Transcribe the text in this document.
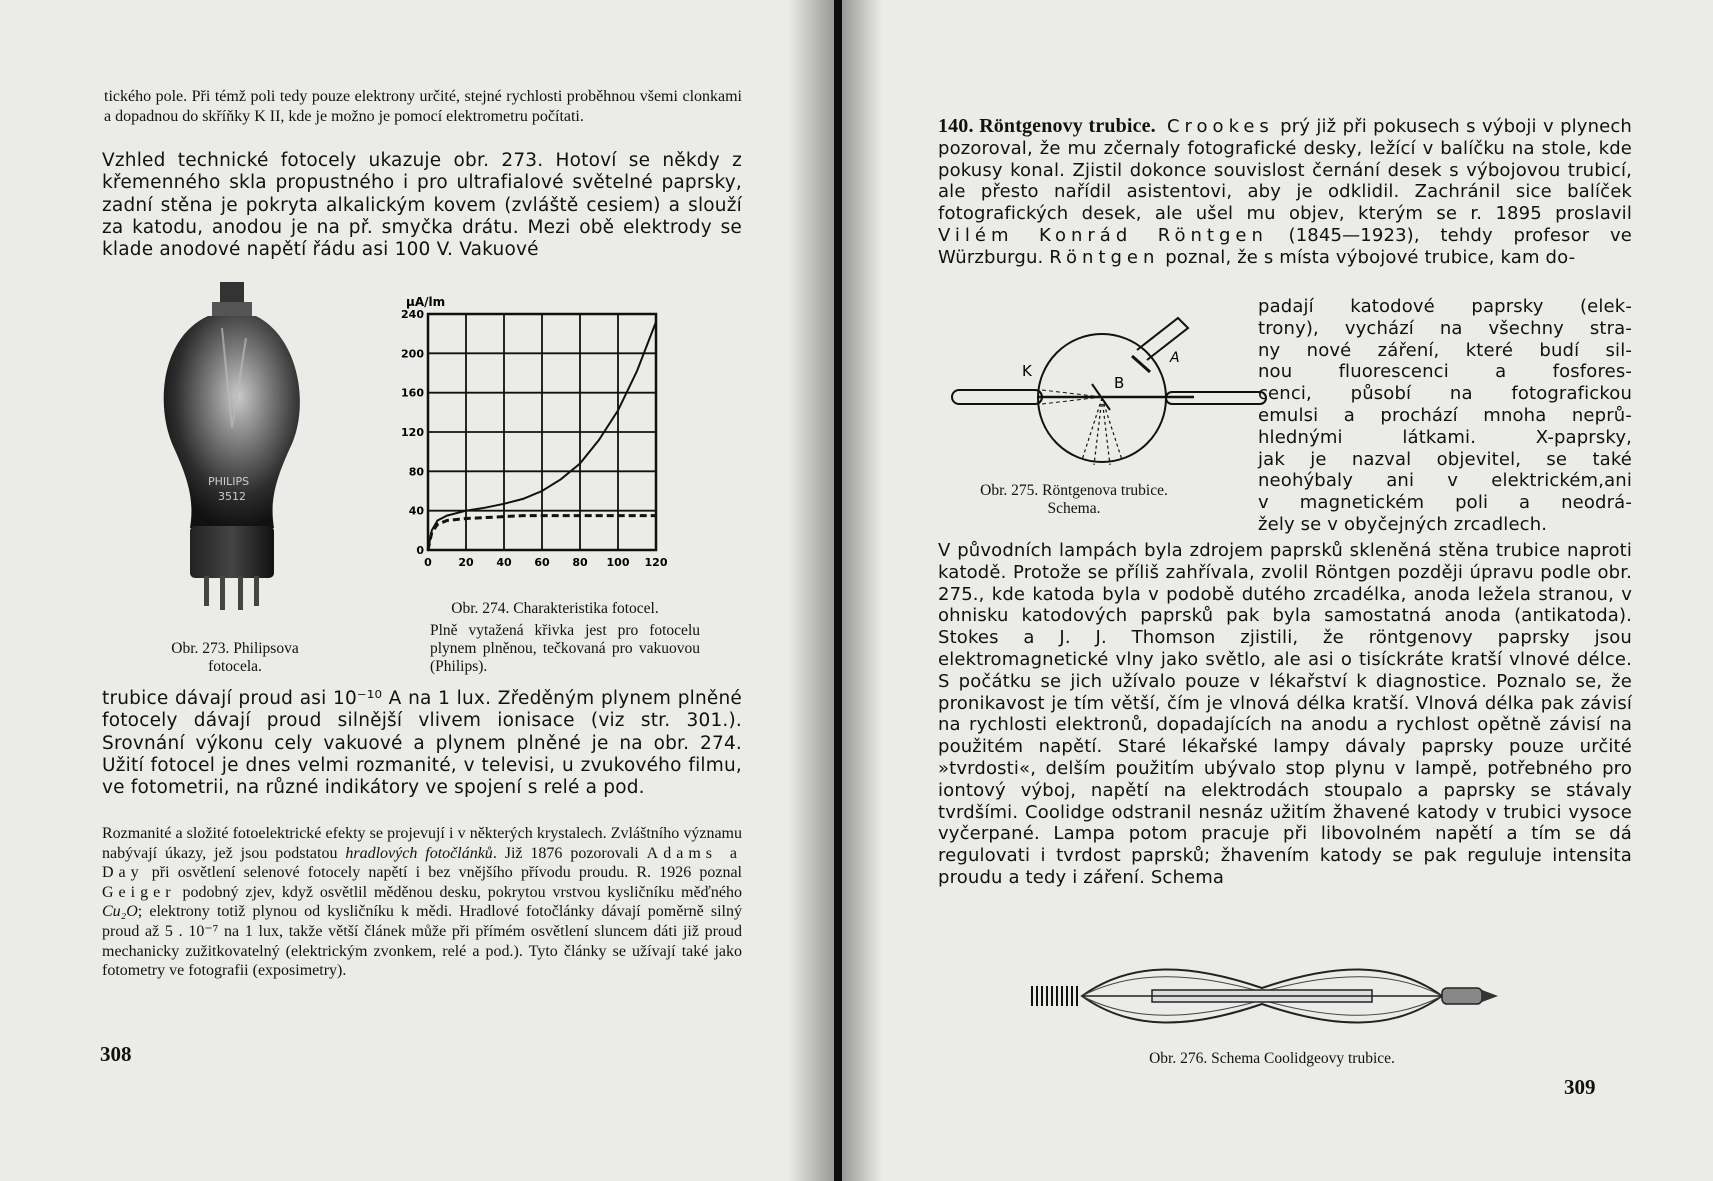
tického pole. Při témž poli tedy pouze elektrony určité, stejné rychlosti proběhnou všemi clonkami a dopadnou do skříňky K II, kde je možno je pomocí elektrometru počítati.
Vzhled technické fotocely ukazuje obr. 273. Hotoví se někdy z křemenného skla propustného i pro ultrafialové světelné paprsky, zadní stěna je pokryta alkalickým kovem (zvláště cesiem) a slouží za katodu, anodou je na př. smyčka drátu. Mezi obě elektrody se klade anodové napětí řádu asi 100 V. Vakuové
PHILIPS
3512
Obr. 273. Philipsova
fotocela.
µA/lm
0
40
80
120
160
200
240
0 20 40 60 80 100 120
Obr. 274. Charakteristika fotocel.
Plně vytažená křivka jest pro fotocelu plynem plněnou, tečkovaná pro vakuovou (Philips).
trubice dávají proud asi 10⁻¹⁰ A na 1 lux. Zředěným plynem plněné fotocely dávají proud silnější vlivem ionisace (viz str. 301.). Srovnání výkonu cely vakuové a plynem plněné je na obr. 274. Užití fotocel je dnes velmi rozmanité, v televisi, u zvukového filmu, ve fotometrii, na různé indikátory ve spojení s relé a pod.
Rozmanité a složité fotoelektrické efekty se projevují i v některých krystalech. Zvláštního významu nabývají úkazy, jež jsou podstatou hradlových fotočlánků. Již 1876 pozorovali Adams a Day při osvětlení selenové fotocely napětí i bez vnějšího přívodu proudu. R. 1926 poznal Geiger podobný zjev, když osvětlil měděnou desku, pokrytou vrstvou kysličníku měďného Cu₂O; elektrony totiž plynou od kysličníku k mědi. Hradlové fotočlánky dávají poměrně silný proud až 5 . 10⁻⁷ na 1 lux, takže větší článek může při přímém osvětlení sluncem dáti již proud mechanicky zužitkovatelný (elektrickým zvonkem, relé a pod.). Tyto články se užívají také jako fotometry ve fotografii (exposimetry).
308
140. Röntgenovy trubice. Crookes prý již při pokusech s výboji v plynech pozoroval, že mu zčernaly fotografické desky, ležící v balíčku na stole, kde pokusy konal. Zjistil dokonce souvislost černání desek s výbojovou trubicí, ale přesto nařídil asistentovi, aby je odklidil. Zachránil sice balíček fotografických desek, ale ušel mu objev, kterým se r. 1895 proslavil Vilém Konrád Röntgen (1845—1923), tehdy profesor ve Würzburgu. Röntgen poznal, že s místa výbojové trubice, kam do-
K
A
B
Obr. 275. Röntgenova trubice.
Schema.
padají katodové paprsky (elek-
trony), vychází na všechny stra-
ny nové záření, které budí sil-
nou fluorescenci a fosfores-
cenci, působí na fotografickou
emulsi a prochází mnoha neprů-
hlednými látkami. X-paprsky,
jak je nazval objevitel, se také
neohýbaly ani v elektrickém,ani
v magnetickém poli a neodrá-
žely se v obyčejných zrcadlech.
V původních lampách byla zdrojem paprsků skleněná stěna trubice naproti katodě. Protože se příliš zahřívala, zvolil Röntgen později úpravu podle obr. 275., kde katoda byla v podobě dutého zrcadélka, anoda ležela stranou, v ohnisku katodových paprsků pak byla samostatná anoda (antikatoda). Stokes a J. J. Thomson zjistili, že röntgenovy paprsky jsou elektromagnetické vlny jako světlo, ale asi o tisíckráte kratší vlnové délce. S počátku se jich užívalo pouze v lékařství k diagnostice. Poznalo se, že pronikavost je tím větší, čím je vlnová délka kratší. Vlnová délka pak závisí na rychlosti elektronů, dopadajících na anodu a rychlost opětně závisí na použitém napětí. Staré lékařské lampy dávaly paprsky pouze určité »tvrdosti«, delším použitím ubývalo stop plynu v lampě, potřebného pro iontový výboj, napětí na elektrodách stoupalo a paprsky se stávaly tvrdšími. Coolidge odstranil nesnáz užitím žhavené katody v trubici vysoce vyčerpané. Lampa potom pracuje při libovolném napětí a tím se dá regulovati i tvrdost paprsků; žhavením katody se pak reguluje intensita proudu a tedy i záření. Schema
Obr. 276. Schema Coolidgeovy trubice.
309
